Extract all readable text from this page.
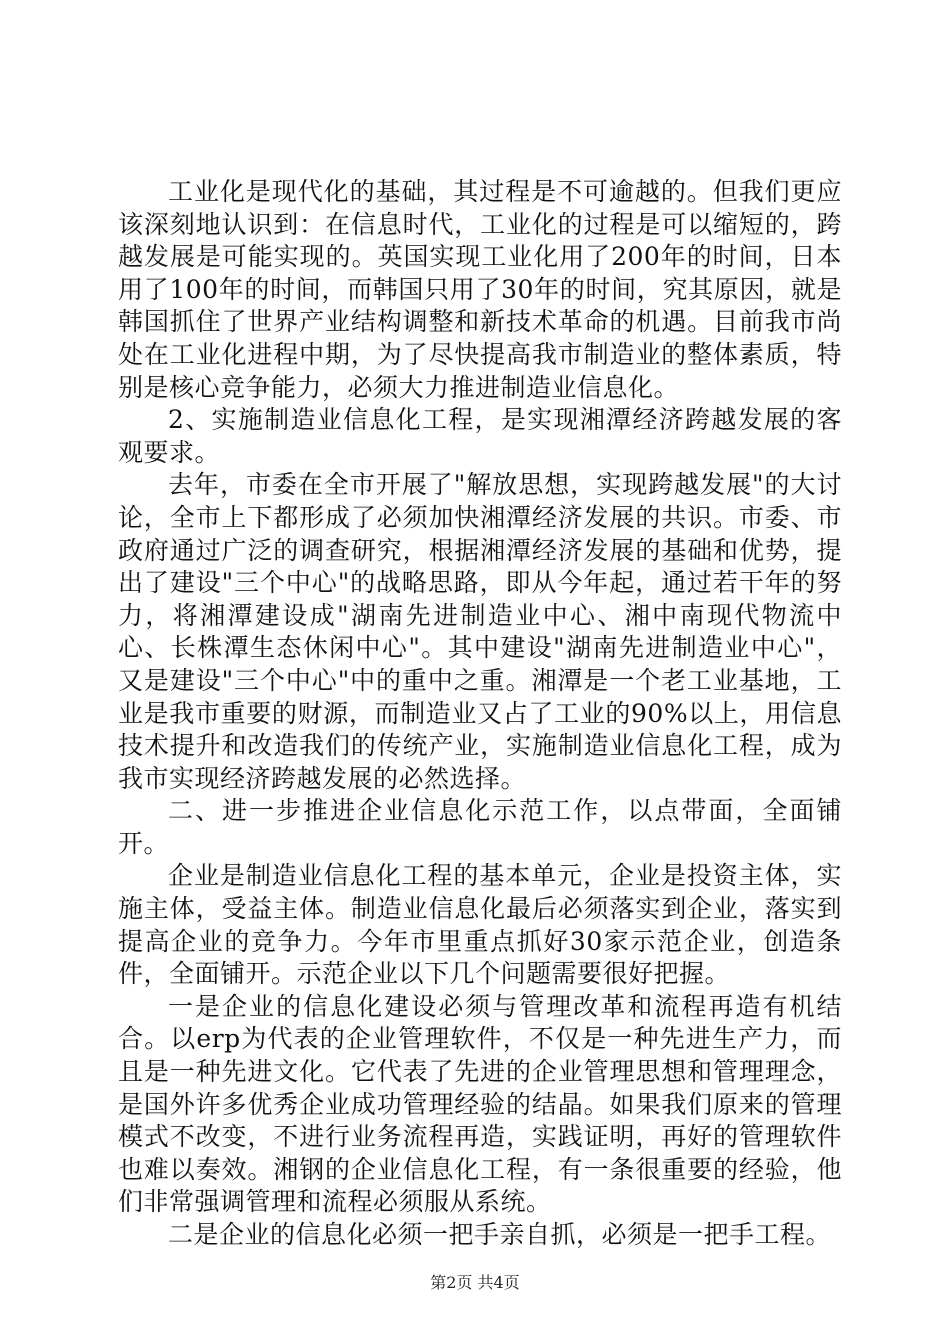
工业化是现代化的基础，其过程是不可逾越的。但我们更应该深刻地认识到：在信息时代，工业化的过程是可以缩短的，跨越发展是可能实现的。英国实现工业化用了200年的时间，日本用了100年的时间，而韩国只用了30年的时间，究其原因，就是韩国抓住了世界产业结构调整和新技术革命的机遇。目前我市尚处在工业化进程中期，为了尽快提高我市制造业的整体素质，特别是核心竞争能力，必须大力推进制造业信息化。

2、实施制造业信息化工程，是实现湘潭经济跨越发展的客观要求。

去年，市委在全市开展了"解放思想，实现跨越发展"的大讨论，全市上下都形成了必须加快湘潭经济发展的共识。市委、市政府通过广泛的调查研究，根据湘潭经济发展的基础和优势，提出了建设"三个中心"的战略思路，即从今年起，通过若干年的努力，将湘潭建设成"湖南先进制造业中心、湘中南现代物流中心、长株潭生态休闲中心"。其中建设"湖南先进制造业中心"，又是建设"三个中心"中的重中之重。湘潭是一个老工业基地，工业是我市重要的财源，而制造业又占了工业的90%以上，用信息技术提升和改造我们的传统产业，实施制造业信息化工程，成为我市实现经济跨越发展的必然选择。

二、进一步推进企业信息化示范工作，以点带面，全面铺开。

企业是制造业信息化工程的基本单元，企业是投资主体，实施主体，受益主体。制造业信息化最后必须落实到企业，落实到提高企业的竞争力。今年市里重点抓好30家示范企业，创造条件，全面铺开。示范企业以下几个问题需要很好把握。

一是企业的信息化建设必须与管理改革和流程再造有机结合。以erp为代表的企业管理软件，不仅是一种先进生产力，而且是一种先进文化。它代表了先进的企业管理思想和管理理念，是国外许多优秀企业成功管理经验的结晶。如果我们原来的管理模式不改变，不进行业务流程再造，实践证明，再好的管理软件也难以奏效。湘钢的企业信息化工程，有一条很重要的经验，他们非常强调管理和流程必须服从系统。

二是企业的信息化必须一把手亲自抓，必须是一把手工程。

第2页 共4页
